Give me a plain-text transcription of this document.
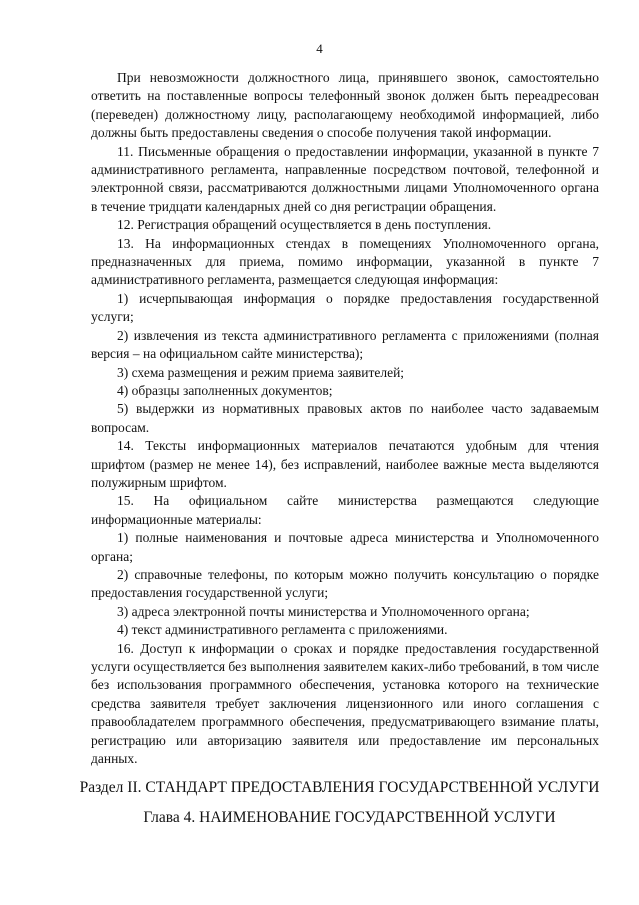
4

При невозможности должностного лица, принявшего звонок, самостоятельно ответить на поставленные вопросы телефонный звонок должен быть переадресован (переведен) должностному лицу, располагающему необходимой информацией, либо должны быть предоставлены сведения о способе получения такой информации.

11. Письменные обращения о предоставлении информации, указанной в пункте 7 административного регламента, направленные посредством почтовой, телефонной и электронной связи, рассматриваются должностными лицами Уполномоченного органа в течение тридцати календарных дней со дня регистрации обращения.

12. Регистрация обращений осуществляется в день поступления.

13. На информационных стендах в помещениях Уполномоченного органа, предназначенных для приема, помимо информации, указанной в пункте 7 административного регламента, размещается следующая информация:

1) исчерпывающая информация о порядке предоставления государственной услуги;

2) извлечения из текста административного регламента с приложениями (полная версия – на официальном сайте министерства);

3) схема размещения и режим приема заявителей;

4) образцы заполненных документов;

5) выдержки из нормативных правовых актов по наиболее часто задаваемым вопросам.

14. Тексты информационных материалов печатаются удобным для чтения шрифтом (размер не менее 14), без исправлений, наиболее важные места выделяются полужирным шрифтом.

15. На официальном сайте министерства размещаются следующие информационные материалы:

1) полные наименования и почтовые адреса министерства и Уполномоченного органа;

2) справочные телефоны, по которым можно получить консультацию о порядке предоставления государственной услуги;

3) адреса электронной почты министерства и Уполномоченного органа;

4) текст административного регламента с приложениями.

16. Доступ к информации о сроках и порядке предоставления государственной услуги осуществляется без выполнения заявителем каких-либо требований, в том числе без использования программного обеспечения, установка которого на технические средства заявителя требует заключения лицензионного или иного соглашения с правообладателем программного обеспечения, предусматривающего взимание платы, регистрацию или авторизацию заявителя или предоставление им персональных данных.

Раздел II. СТАНДАРТ ПРЕДОСТАВЛЕНИЯ ГОСУДАРСТВЕННОЙ УСЛУГИ
Глава 4. НАИМЕНОВАНИЕ ГОСУДАРСТВЕННОЙ УСЛУГИ
